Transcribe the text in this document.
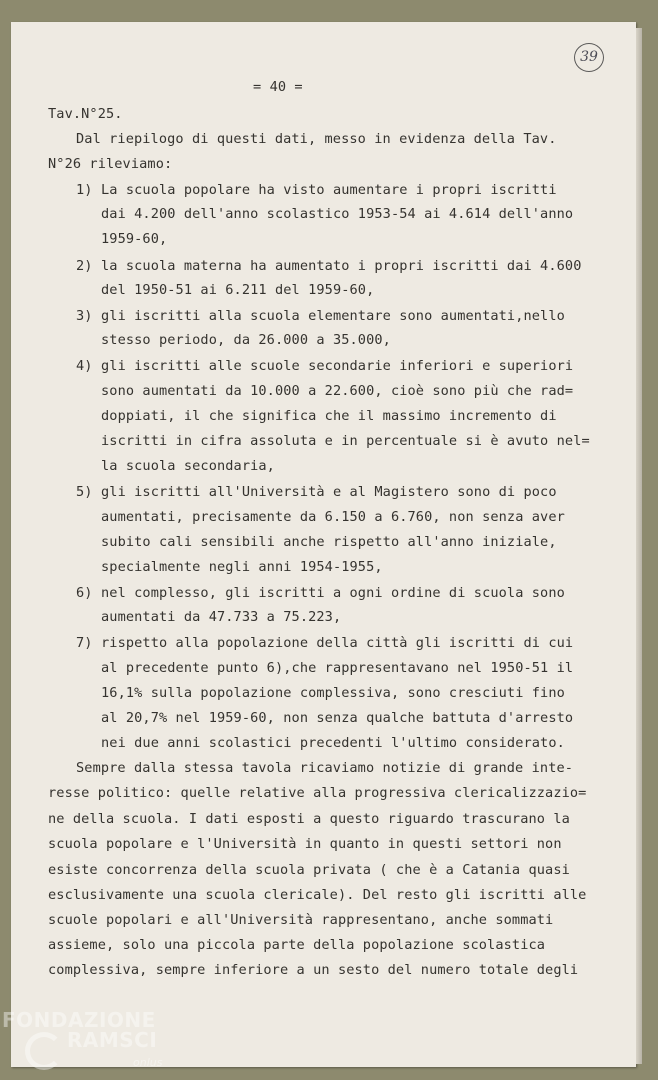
39
= 40 =
Tav.N°25.
Dal riepilogo di questi dati, messo in evidenza della Tav.
N°26 rileviamo:
1) La scuola popolare ha visto aumentare i propri iscritti
dai 4.200 dell'anno scolastico 1953-54 ai 4.614 dell'anno
1959-60,
2) la scuola materna ha aumentato i propri iscritti dai 4.600
del 1950-51 ai 6.211 del 1959-60,
3) gli iscritti alla scuola elementare sono aumentati,nello
stesso periodo, da 26.000 a 35.000,
4) gli iscritti alle scuole secondarie inferiori e superiori
sono aumentati da 10.000 a 22.600, cioè sono più che rad=
doppiati, il che significa che il massimo incremento di
iscritti in cifra assoluta e in percentuale si è avuto nel=
la scuola secondaria,
5) gli iscritti all'Università e al Magistero sono di poco
aumentati, precisamente da 6.150 a 6.760, non senza aver
subito cali sensibili anche rispetto all'anno iniziale,
specialmente negli anni 1954-1955,
6) nel complesso, gli iscritti a ogni ordine di scuola sono
aumentati da 47.733 a 75.223,
7) rispetto alla popolazione della città gli iscritti di cui
al precedente punto 6),che rappresentavano nel 1950-51 il
16,1% sulla popolazione complessiva, sono cresciuti fino
al 20,7% nel 1959-60, non senza qualche battuta d'arresto
nei due anni scolastici precedenti l'ultimo considerato.
Sempre dalla stessa tavola ricaviamo notizie di grande inte-
resse politico: quelle relative alla progressiva clericalizzazio=
ne della scuola. I dati esposti a questo riguardo trascurano la
scuola popolare e l'Università in quanto in questi settori non
esiste concorrenza della scuola privata ( che è a Catania quasi
esclusivamente una scuola clericale). Del resto gli iscritti alle
scuole popolari e all'Università rappresentano, anche sommati
assieme, solo una piccola parte della popolazione scolastica
complessiva, sempre inferiore a un sesto del numero totale degli
FONDAZIONE
RAMSCI
onlus
